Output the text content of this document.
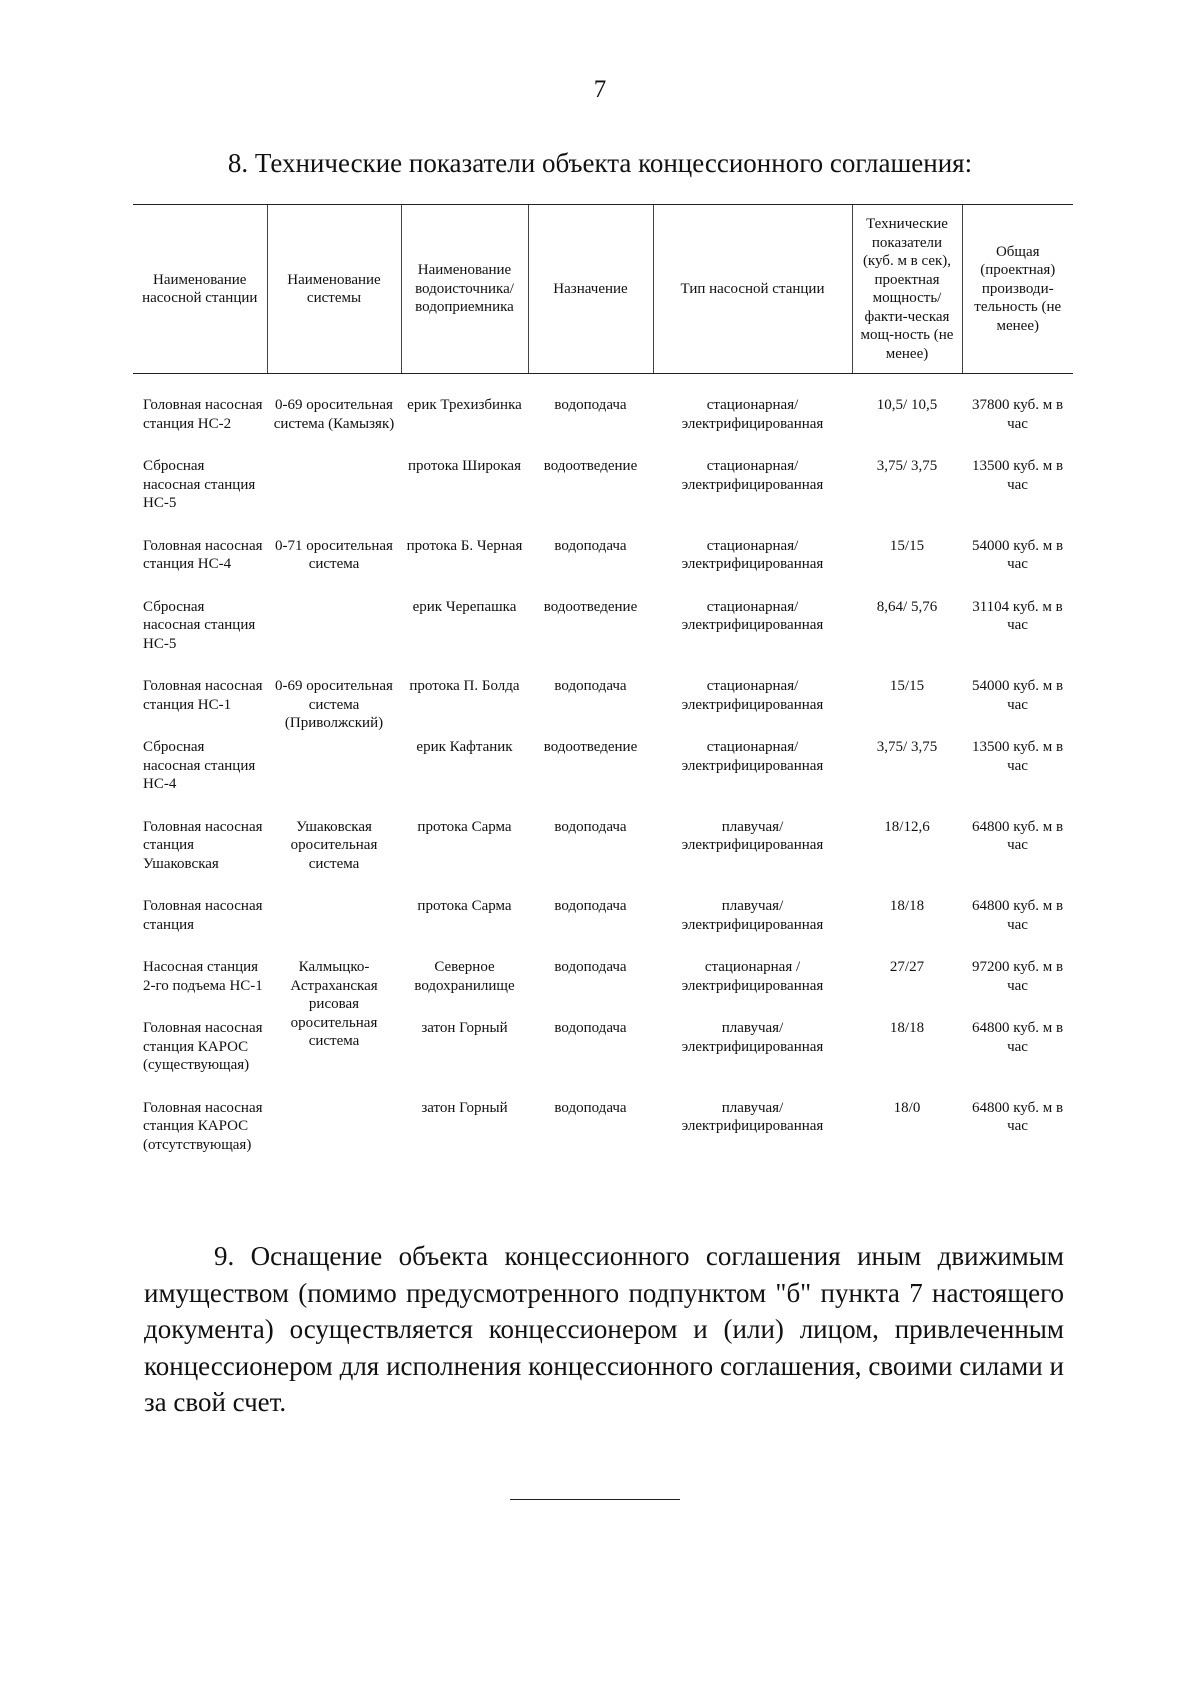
7
8. Технические показатели объекта концессионного соглашения:
Наименование насосной станции	Наименование системы	Наименование водоисточника/ водоприемника	Назначение	Тип насосной станции	Технические показатели (куб. м в сек), проектная мощность/ факти-ческая мощ-ность (не менее)	Общая (проектная) производи-тельность (не менее)
Головная насосная станция НС-2	0-69 оросительная система (Камызяк)	ерик Трехизбинка	водоподача	стационарная/ электрифицированная	10,5/ 10,5	37800 куб. м в час
Сбросная насосная станция НС-5		протока Широкая	водоотведение	стационарная/ электрифицированная	3,75/ 3,75	13500 куб. м в час
Головная насосная станция НС-4	0-71 оросительная система	протока Б. Черная	водоподача	стационарная/ электрифицированная	15/15	54000 куб. м в час
Сбросная насосная станция НС-5		ерик Черепашка	водоотведение	стационарная/ электрифицированная	8,64/ 5,76	31104 куб. м в час
Головная насосная станция НС-1	0-69 оросительная система (Приволжский)	протока П. Болда	водоподача	стационарная/ электрифицированная	15/15	54000 куб. м в час
Сбросная насосная станция НС-4		ерик Кафтаник	водоотведение	стационарная/ электрифицированная	3,75/ 3,75	13500 куб. м в час
Головная насосная станция Ушаковская	Ушаковская оросительная система	протока Сарма	водоподача	плавучая/ электрифицированная	18/12,6	64800 куб. м в час
Головная насосная станция		протока Сарма	водоподача	плавучая/ электрифицированная	18/18	64800 куб. м в час
Насосная станция 2-го подъема НС-1	Калмыцко-Астраханская рисовая оросительная система	Северное водохранилище	водоподача	стационарная / электрифицированная	27/27	97200 куб. м в час
Головная насосная станция КАРОС (существующая)		затон Горный	водоподача	плавучая/ электрифицированная	18/18	64800 куб. м в час
Головная насосная станция КАРОС (отсутствующая)		затон Горный	водоподача	плавучая/ электрифицированная	18/0	64800 куб. м в час

9. Оснащение объекта концессионного соглашения иным движимым имуществом (помимо предусмотренного подпунктом "б" пункта 7 настоящего документа) осуществляется концессионером и (или) лицом, привлеченным концессионером для исполнения концессионного соглашения, своими силами и за свой счет.
